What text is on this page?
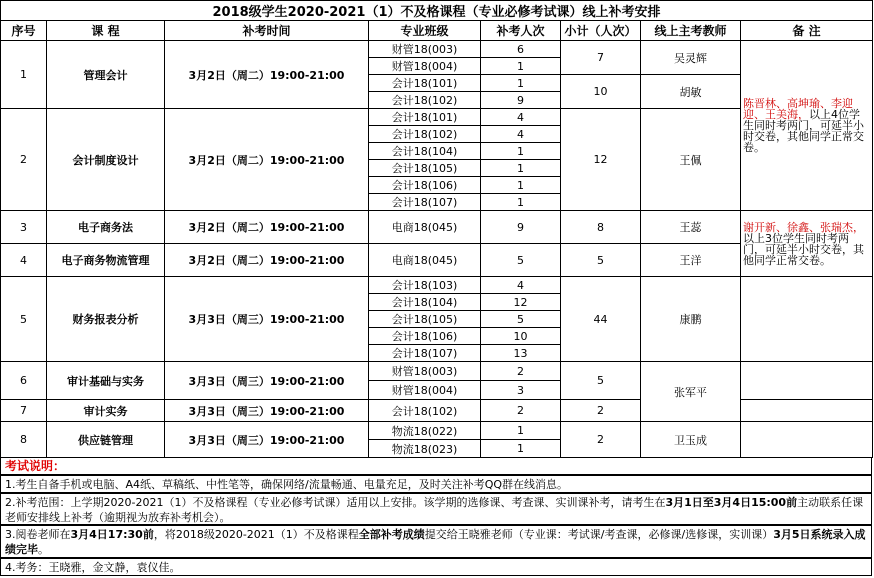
2018级学生2020-2021（1）不及格课程（专业必修考试课）线上补考安排							
序号	课 程	补考时间	专业班级	补考人次	小计（人次）	线上主考教师	备 注
1	管理会计	3月2日（周二）19:00-21:00	财管18(003)	6	7	吴灵辉	陈晋林、高坤瑜、李迎迎、王美海，以上4位学生同时考两门，可延半小时交卷，其他同学正常交卷。
			财管18(004)	1			
			会计18(101)	1	10	胡敏	
			会计18(102)	9			
2	会计制度设计	3月2日（周二）19:00-21:00	会计18(101)	4	12	王佩	
			会计18(102)	4			
			会计18(104)	1			
			会计18(105)	1			
			会计18(106)	1			
			会计18(107)	1			
3	电子商务法	3月2日（周二）19:00-21:00	电商18(045)	9	8	王蕊	谢开新、徐鑫、张瑞杰，以上3位学生同时考两门，可延半小时交卷，其他同学正常交卷。
4	电子商务物流管理	3月2日（周二）19:00-21:00	电商18(045)	5	5	王洋	
5	财务报表分析	3月3日（周三）19:00-21:00	会计18(103)	4	44	康鹏	
			会计18(104)	12			
			会计18(105)	5			
			会计18(106)	10			
			会计18(107)	13			
6	审计基础与实务	3月3日（周三）19:00-21:00	财管18(003)	2	5	张军平	
			财管18(004)	3			
7	审计实务	3月3日（周三）19:00-21:00	会计18(102)	2	2		
8	供应链管理	3月3日（周三）19:00-21:00	物流18(022)	1	2	卫玉成	
			物流18(023)	1			
考试说明：
1.考生自备手机或电脑、A4纸、草稿纸、中性笔等，确保网络/流量畅通、电量充足，及时关注补考QQ群在线消息。
2.补考范围：上学期2020-2021（1）不及格课程（专业必修考试课）适用以上安排。该学期的选修课、考查课、实训课补考，请考生在3月1日至3月4日15:00前主动联系任课老师安排线上补考（逾期视为放弃补考机会）。
3.阅卷老师在3月4日17:30前，将2018级2020-2021（1）不及格课程全部补考成绩提交给王晓雅老师（专业课：考试课/考查课，必修课/选修课，实训课）3月5日系统录入成绩完毕。
4.考务：王晓雅，金文静，袁仪佳。
